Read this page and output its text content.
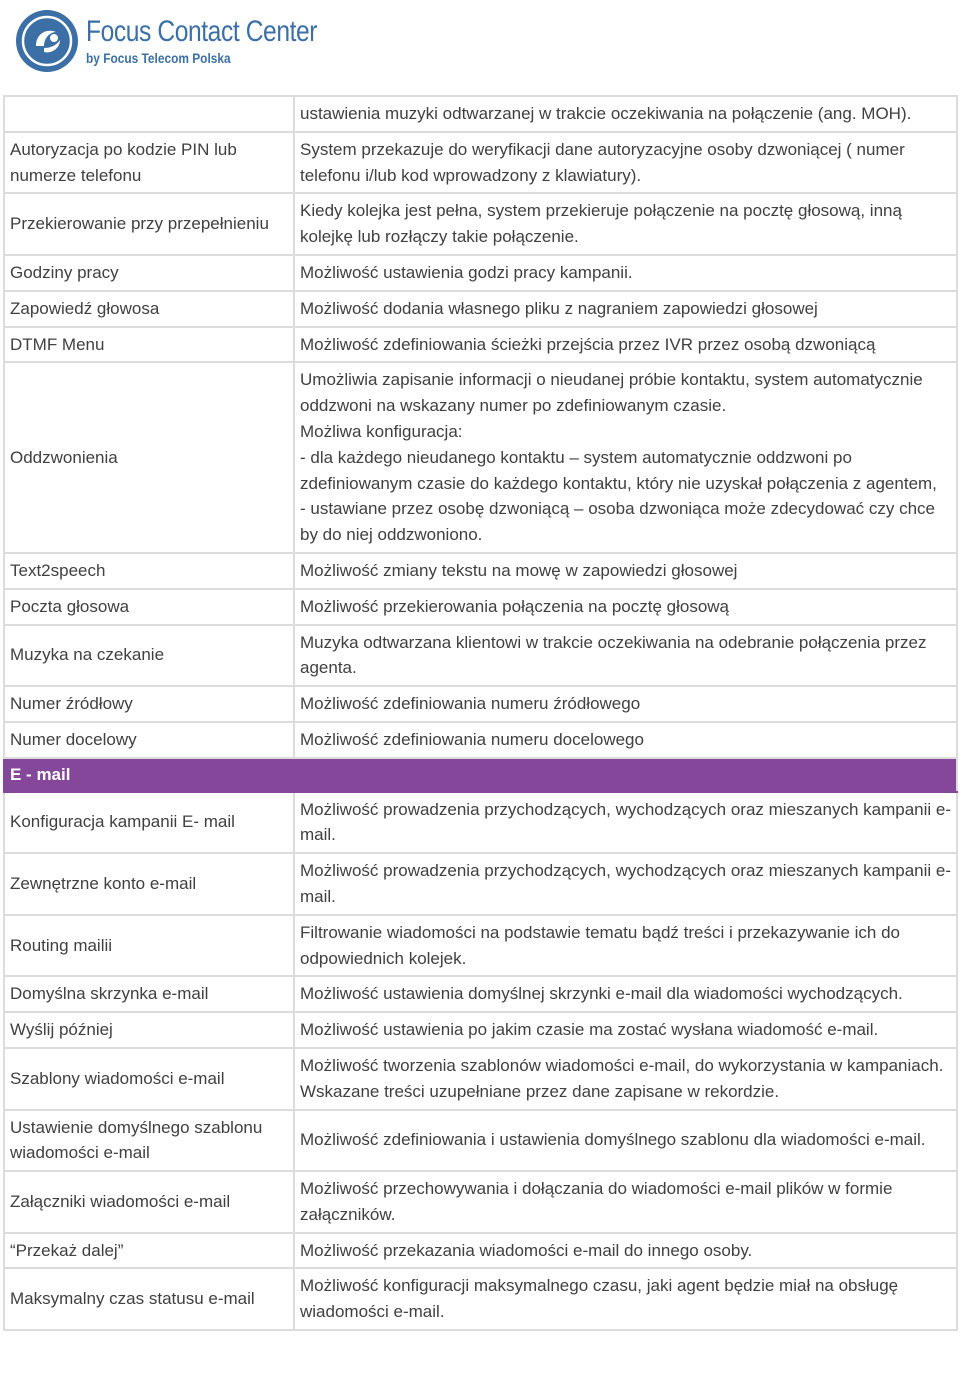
Focus Contact Center
by Focus Telecom Polska

	ustawienia muzyki odtwarzanej w trakcie oczekiwania na połączenie (ang. MOH).

Autoryzacja po kodzie PIN lub numerze telefonu	System przekazuje do weryfikacji dane autoryzacyjne osoby dzwoniącej ( numer telefonu i/lub kod wprowadzony z klawiatury).

Przekierowanie przy przepełnieniu	Kiedy kolejka jest pełna, system przekieruje połączenie na pocztę głosową, inną kolejkę lub rozłączy takie połączenie.

Godziny pracy	Możliwość ustawienia godzi pracy kampanii.

Zapowiedź głowosa	Możliwość dodania własnego pliku z nagraniem zapowiedzi głosowej

DTMF Menu	Możliwość zdefiniowania ścieżki przejścia przez IVR przez osobą dzwoniącą

Oddzwonienia	Umożliwia zapisanie informacji o nieudanej próbie kontaktu, system automatycznie oddzwoni na wskazany numer po zdefiniowanym czasie.
Możliwa konfiguracja:
- dla każdego nieudanego kontaktu – system automatycznie oddzwoni po zdefiniowanym czasie do każdego kontaktu, który nie uzyskał połączenia z agentem,
- ustawiane przez osobę dzwoniącą – osoba dzwoniąca może zdecydować czy chce by do niej oddzwoniono.

Text2speech	Możliwość zmiany tekstu na mowę w zapowiedzi głosowej

Poczta głosowa	Możliwość przekierowania połączenia na pocztę głosową

Muzyka na czekanie	Muzyka odtwarzana klientowi w trakcie oczekiwania na odebranie połączenia przez agenta.

Numer źródłowy	Możliwość zdefiniowania numeru źródłowego

Numer docelowy	Możliwość zdefiniowania numeru docelowego

E - mail	
Konfiguracja kampanii E- mail	Możliwość prowadzenia przychodzących, wychodzących oraz mieszanych kampanii e-mail.

Zewnętrzne konto e-mail	Możliwość prowadzenia przychodzących, wychodzących oraz mieszanych kampanii e-mail.

Routing mailii	Filtrowanie wiadomości na podstawie tematu bądź treści i przekazywanie ich do odpowiednich kolejek.

Domyślna skrzynka e-mail	Możliwość ustawienia domyślnej skrzynki e-mail dla wiadomości wychodzących.

Wyślij później	Możliwość ustawienia po jakim czasie ma zostać wysłana wiadomość e-mail.

Szablony wiadomości e-mail	Możliwość tworzenia szablonów wiadomości e-mail, do wykorzystania w kampaniach. Wskazane treści uzupełniane przez dane zapisane w rekordzie.

Ustawienie domyślnego szablonu wiadomości e-mail	Możliwość zdefiniowania i ustawienia domyślnego szablonu dla wiadomości e-mail.

Załączniki wiadomości e-mail	Możliwość przechowywania i dołączania do wiadomości e-mail plików w formie załączników.

“Przekaż dalej”	Możliwość przekazania wiadomości e-mail do innego osoby.

Maksymalny czas statusu e-mail	Możliwość konfiguracji maksymalnego czasu, jaki agent będzie miał na obsługę wiadomości e-mail.
